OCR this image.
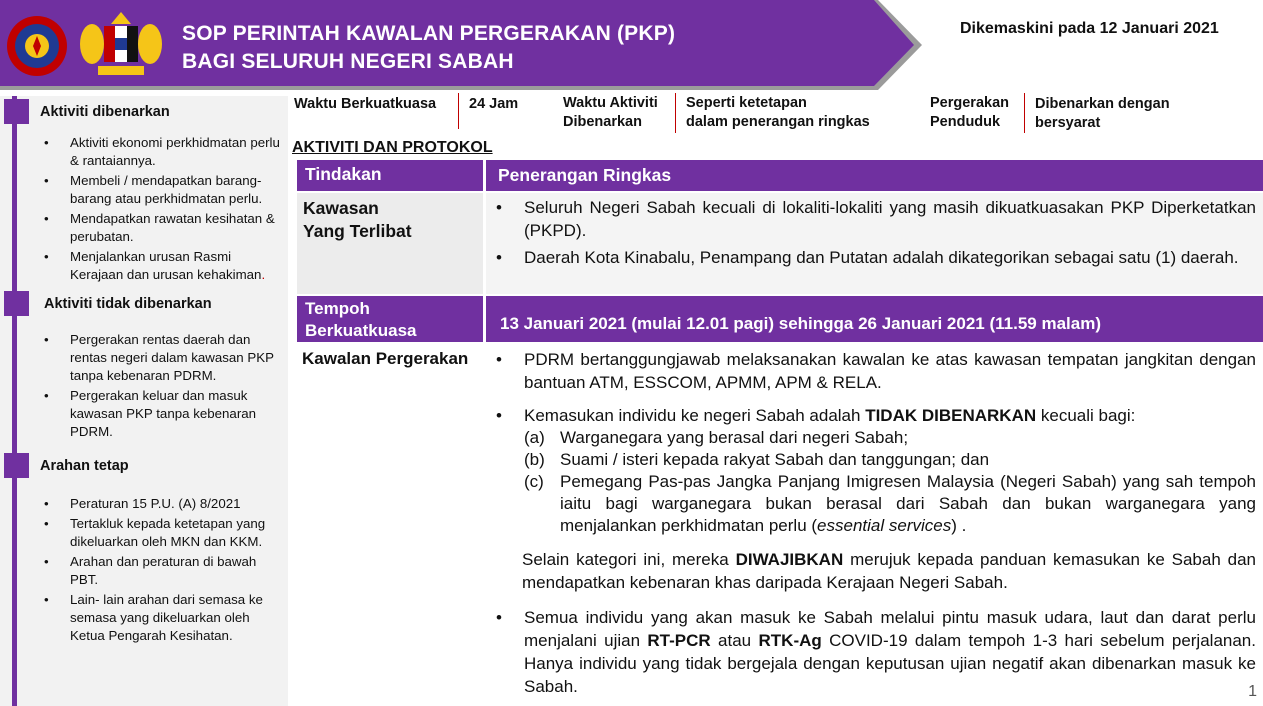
SOP PERINTAH KAWALAN PERGERAKAN (PKP)
BAGI SELURUH NEGERI SABAH
Dikemaskini pada 12 Januari 2021
Aktiviti dibenarkan
• Aktiviti ekonomi perkhidmatan perlu & rantaiannya.
• Membeli / mendapatkan barang-barang atau perkhidmatan perlu.
• Mendapatkan rawatan kesihatan & perubatan.
• Menjalankan urusan Rasmi Kerajaan dan urusan kehakiman.
Aktiviti tidak dibenarkan
• Pergerakan rentas daerah dan rentas negeri dalam kawasan PKP tanpa kebenaran PDRM.
• Pergerakan keluar dan masuk kawasan PKP tanpa kebenaran PDRM.
Arahan tetap
• Peraturan 15 P.U. (A) 8/2021
• Tertakluk kepada ketetapan yang dikeluarkan oleh MKN dan KKM.
• Arahan dan peraturan di bawah PBT.
• Lain- lain arahan dari semasa ke semasa yang dikeluarkan oleh Ketua Pengarah Kesihatan.
Waktu Berkuatkuasa 24 Jam	Waktu Aktiviti
Dibenarkan
Seperti ketetapan
dalam penerangan ringkas
Pergerakan
Penduduk
Dibenarkan dengan
bersyarat
AKTIVITI DAN PROTOKOL
Tindakan	Penerangan Ringkas
Kawasan
Yang Terlibat
• Seluruh Negeri Sabah kecuali di lokaliti-lokaliti yang masih dikuatkuasakan PKP Diperketatkan (PKPD).
• Daerah Kota Kinabalu, Penampang dan Putatan adalah dikategorikan sebagai satu (1) daerah.
Tempoh
Berkuatkuasa	13 Januari 2021 (mulai 12.01 pagi) sehingga 26 Januari 2021 (11.59 malam)
Kawalan Pergerakan
•	PDRM bertanggungjawab melaksanakan kawalan ke atas kawasan tempatan jangkitan dengan bantuan ATM, ESSCOM, APMM, APM & RELA.
• Kemasukan individu ke negeri Sabah adalah TIDAK DIBENARKAN kecuali bagi:
(a) Warganegara yang berasal dari negeri Sabah;
(b) Suami / isteri kepada rakyat Sabah dan tanggungan; dan
(c) Pemegang Pas-pas Jangka Panjang Imigresen Malaysia (Negeri Sabah) yang sah tempoh iaitu bagi warganegara bukan berasal dari Sabah dan bukan warganegara yang menjalankan perkhidmatan perlu (essential services) .
Selain kategori ini, mereka DIWAJIBKAN merujuk kepada panduan kemasukan ke Sabah dan mendapatkan kebenaran khas daripada Kerajaan Negeri Sabah.
• Semua individu yang akan masuk ke Sabah melalui pintu masuk udara, laut dan darat perlu menjalani ujian RT-PCR atau RTK-Ag COVID-19 dalam tempoh 1-3 hari sebelum perjalanan. Hanya individu yang tidak bergejala dengan keputusan ujian negatif akan dibenarkan masuk ke Sabah.	1
